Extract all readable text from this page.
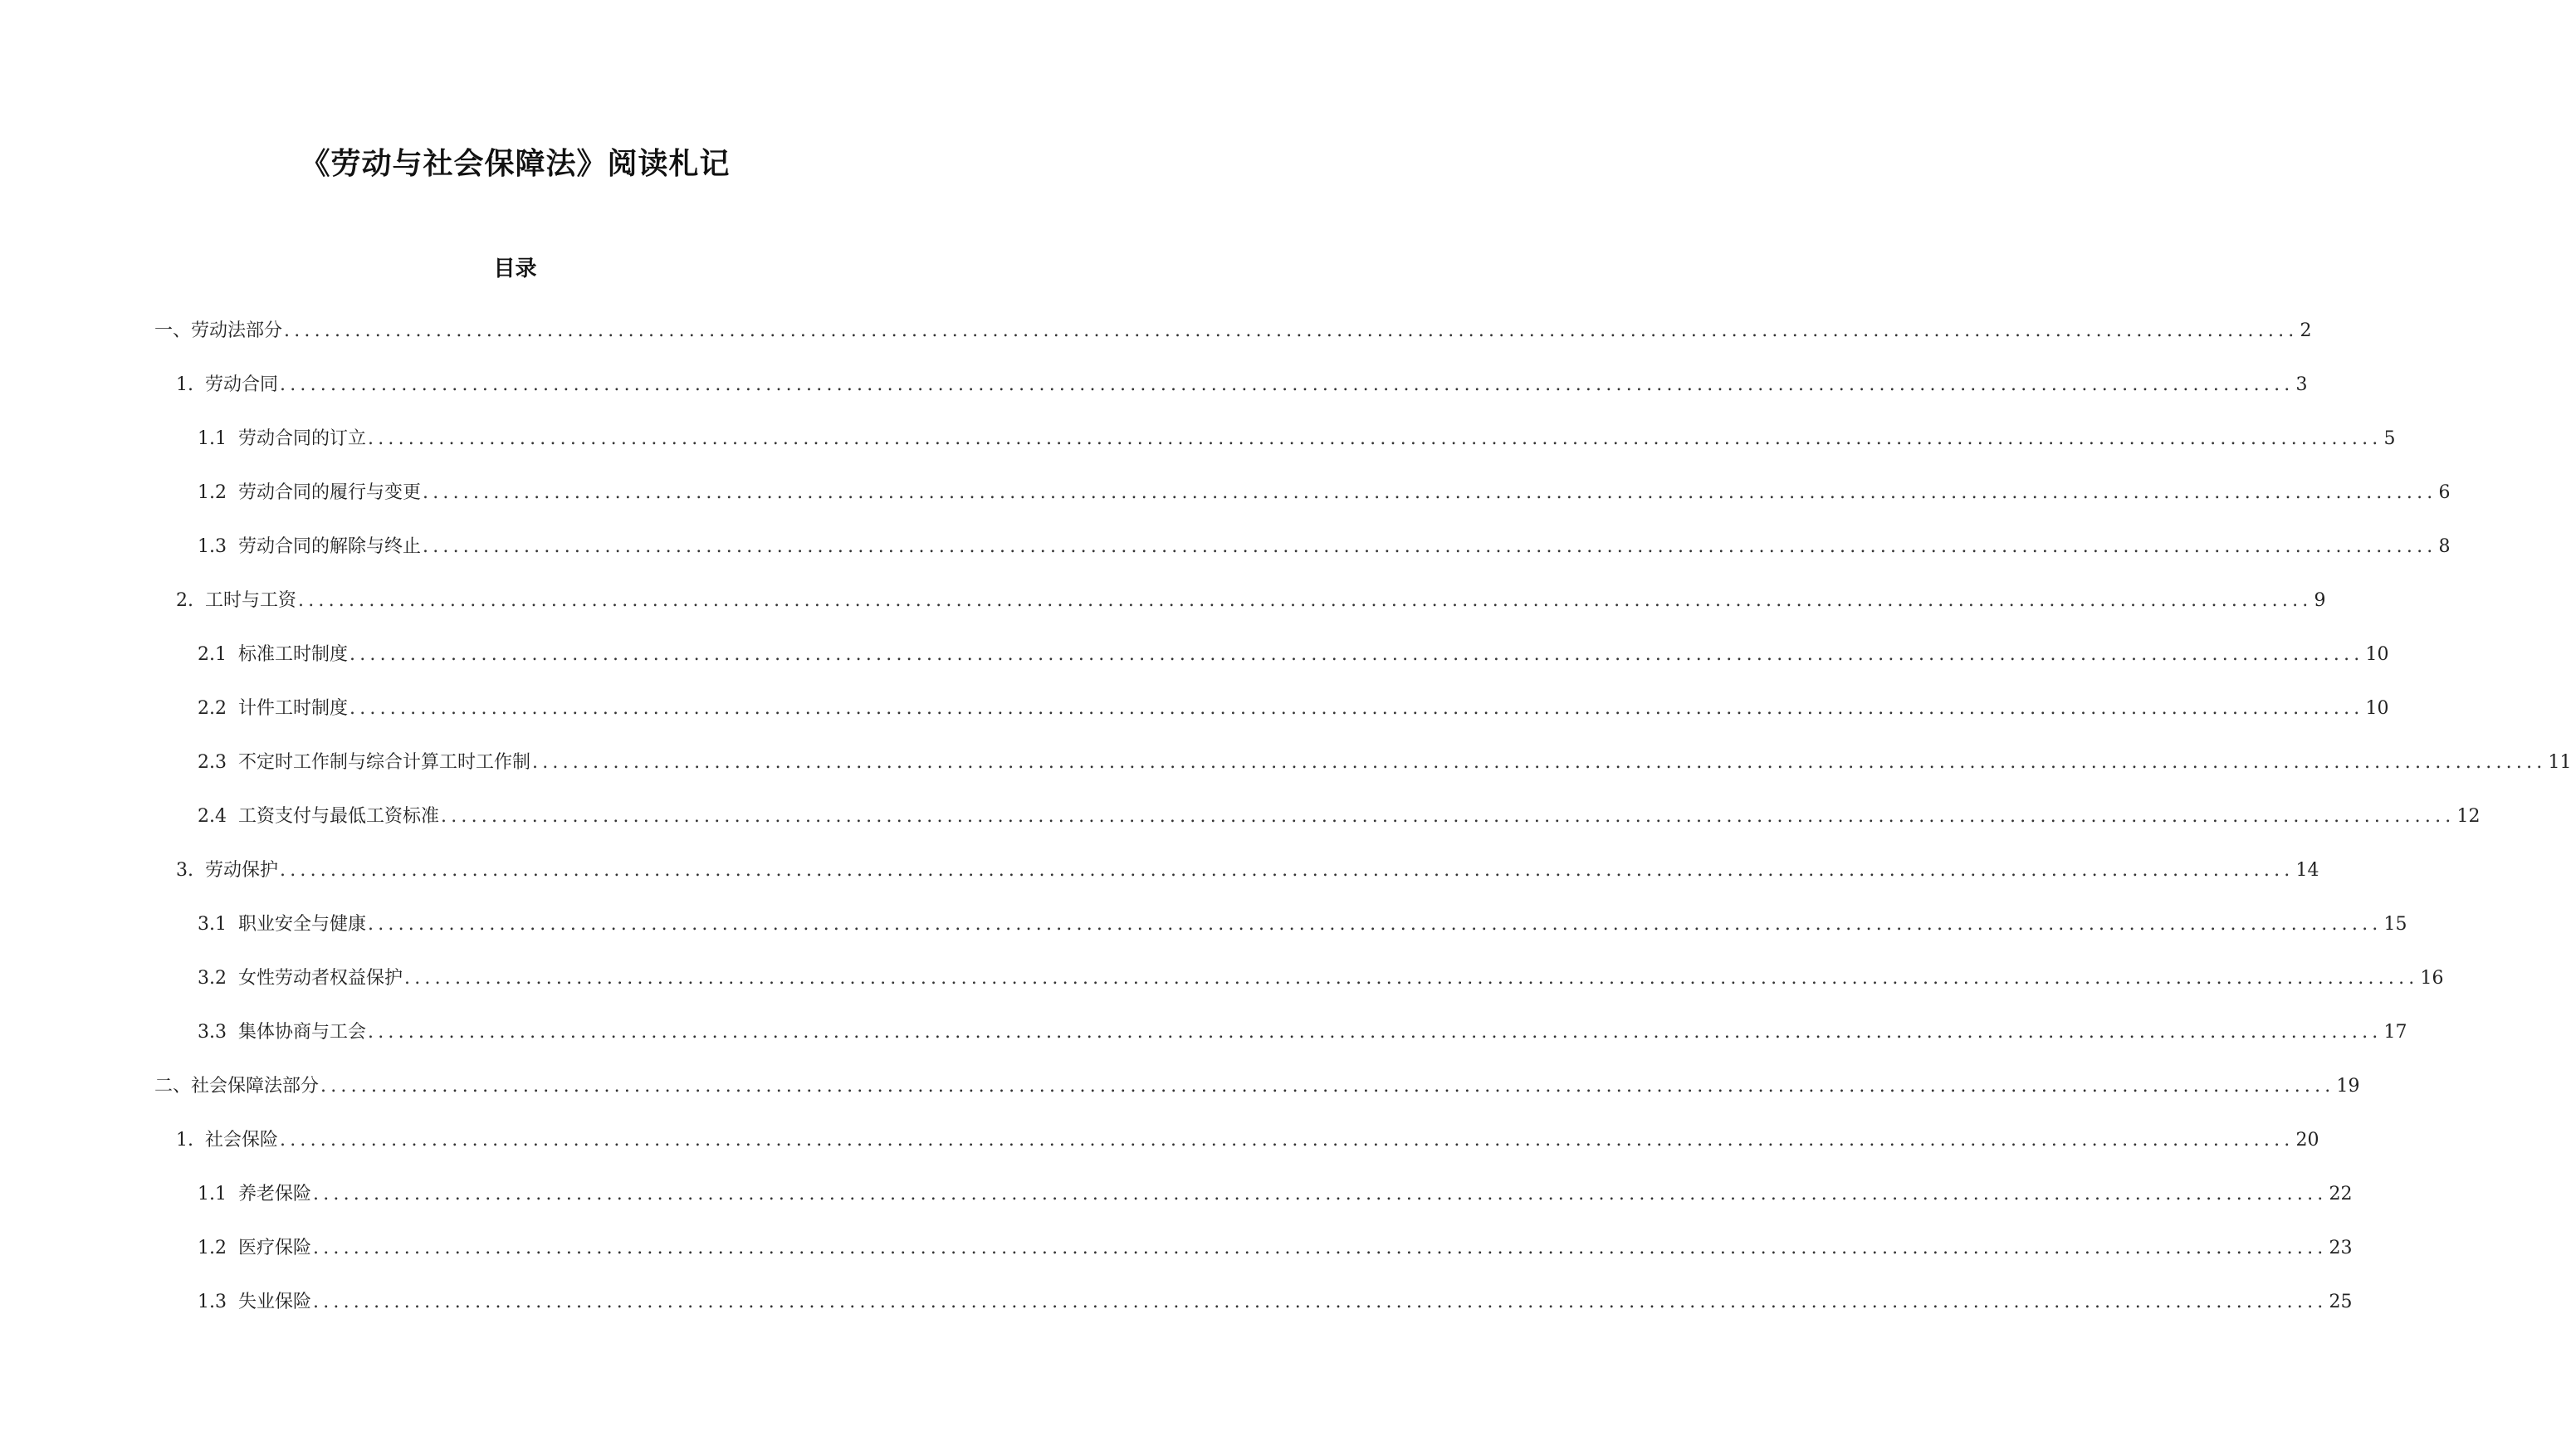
《劳动与社会保障法》阅读札记
目录
一、 劳动法部分 ....................................................................................................................................................................................................... 2
1. 劳动合同 ....................................................................................................................................................................................................... 3
1.1 劳动合同的订立 ....................................................................................................................................................................................................... 5
1.2 劳动合同的履行与变更 ....................................................................................................................................................................................................... 6
1.3 劳动合同的解除与终止 ....................................................................................................................................................................................................... 8
2. 工时与工资 ....................................................................................................................................................................................................... 9
2.1 标准工时制度 ....................................................................................................................................................................................................... 10
2.2 计件工时制度 ....................................................................................................................................................................................................... 10
2.3 不定时工作制与综合计算工时工作制 ....................................................................................................................................................................................................... 11
2.4 工资支付与最低工资标准 ....................................................................................................................................................................................................... 12
3. 劳动保护 ....................................................................................................................................................................................................... 14
3.1 职业安全与健康 ....................................................................................................................................................................................................... 15
3.2 女性劳动者权益保护 ....................................................................................................................................................................................................... 16
3.3 集体协商与工会 ....................................................................................................................................................................................................... 17
二、 社会保障法部分 ....................................................................................................................................................................................................... 19
1. 社会保险 ....................................................................................................................................................................................................... 20
1.1 养老保险 ....................................................................................................................................................................................................... 22
1.2 医疗保险 ....................................................................................................................................................................................................... 23
1.3 失业保险 ....................................................................................................................................................................................................... 25
